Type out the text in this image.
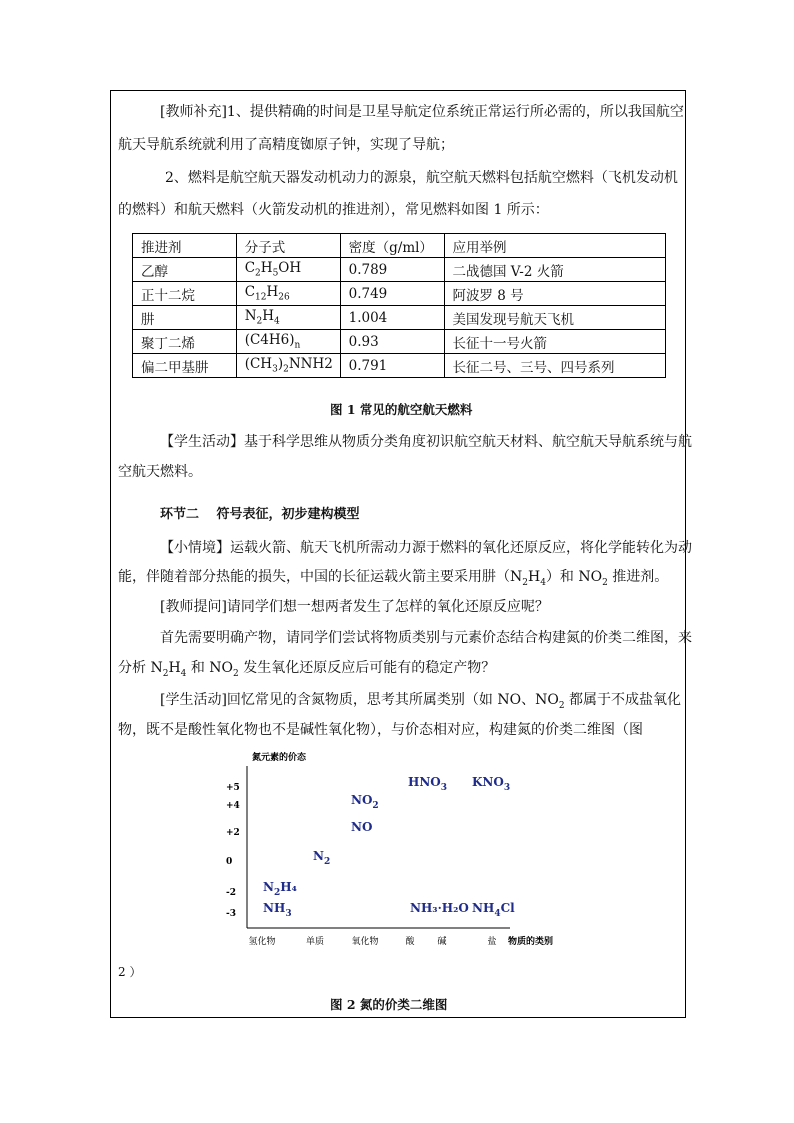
[教师补充]1、提供精确的时间是卫星导航定位系统正常运行所必需的，所以我国航空
航天导航系统就利用了高精度铷原子钟，实现了导航；
2、燃料是航空航天器发动机动力的源泉，航空航天燃料包括航空燃料（飞机发动机
的燃料）和航天燃料（火箭发动机的推进剂），常见燃料如图 1 所示：
推进剂	分子式	密度（g/ml）	应用举例
乙醇	$C_2H_5OH$	0.789	二战德国 V-2 火箭
正十二烷	$C_{12}H_{26}$	0.749	阿波罗 8 号
肼	$N_2H_4$	1.004	美国发现号航天飞机
聚丁二烯	$(C4H6)_n$	0.93	长征十一号火箭
偏二甲基肼	$(CH_3)_2NNH2$	0.791	长征二号、三号、四号系列
图 1 常见的航空航天燃料
【学生活动】基于科学思维从物质分类角度初识航空航天材料、航空航天导航系统与航
空航天燃料。
环节二　 符号表征，初步建构模型
【小情境】运载火箭、航天飞机所需动力源于燃料的氧化还原反应，将化学能转化为动
能，伴随着部分热能的损失，中国的长征运载火箭主要采用肼$(N_2H_4)$和 $NO_2$ 推进剂。
[教师提问]请同学们想一想两者发生了怎样的氧化还原反应呢？
首先需要明确产物，请同学们尝试将物质类别与元素价态结合构建氮的价类二维图，来
分析 $N_2H_4$ 和 $NO_2$ 发生氧化还原反应后可能有的稳定产物？
[学生活动]回忆常见的含氮物质，思考其所属类别（如 NO、$NO_2$ 都属于不成盐氧化
物，既不是酸性氧化物也不是碱性氧化物），与价态相对应，构建氮的价类二维图（图
氮元素的价态
物质的类别
+5
+4
+2
0
-2
-3
氢化物	单质	氧化物	酸	碱	盐
$HNO_3$ $KNO_3$
$NO_2$
NO
$N_2$
$N_2H_4$
$NH_3$	NH₃·H₂O $NH_4Cl$
2 ）
图 2 氮的价类二维图
